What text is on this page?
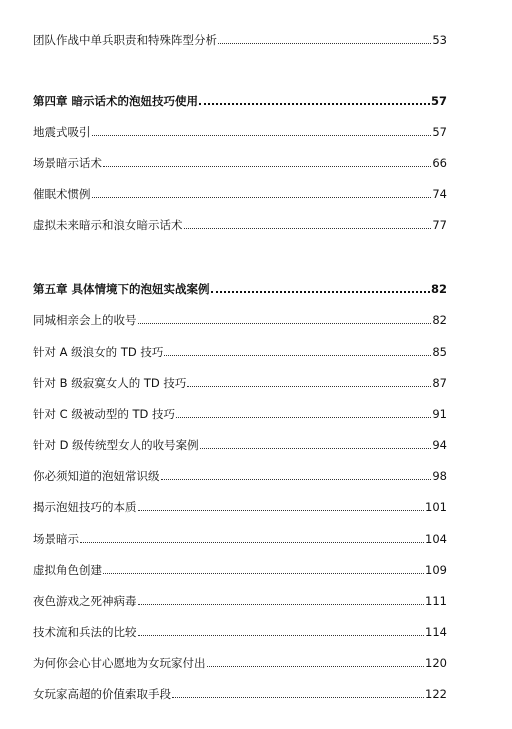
团队作战中单兵职责和特殊阵型分析	53
第四章 暗示话术的泡妞技巧使用	57
地震式吸引	57
场景暗示话术	66
催眠术惯例	74
虚拟未来暗示和浪女暗示话术	77
第五章 具体情境下的泡妞实战案例	82
同城相亲会上的收号	82
针对 A 级浪女的 TD 技巧	85
针对 B 级寂寞女人的 TD 技巧	87
针对 C 级被动型的 TD 技巧	91
针对 D 级传统型女人的收号案例	94
你必须知道的泡妞常识级	98
揭示泡妞技巧的本质	101
场景暗示	104
虚拟角色创建	109
夜色游戏之死神病毒	111
技术流和兵法的比较	114
为何你会心甘心愿地为女玩家付出	120
女玩家高超的价值索取手段	122
